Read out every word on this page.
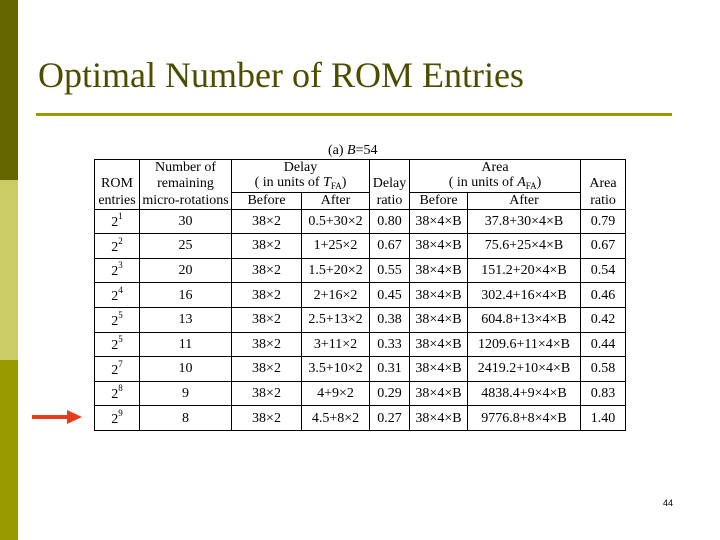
Optimal Number of ROM Entries
(a) B=54
	Number of	Delay			Area		
ROM	remaining	( in units of $T_{FA}$)		Delay	( in units of $A_{FA}$)		Area
entries	micro-rotations	Before	After	ratio	Before	After	ratio
$2^1$	30	38×2	0.5+30×2	0.80	38×4×B	37.8+30×4×B	0.79
$2^2$	25	38×2	1+25×2	0.67	38×4×B	75.6+25×4×B	0.67
$2^3$	20	38×2	1.5+20×2	0.55	38×4×B	151.2+20×4×B	0.54
$2^4$	16	38×2	2+16×2	0.45	38×4×B	302.4+16×4×B	0.46
$2^5$	13	38×2	2.5+13×2	0.38	38×4×B	604.8+13×4×B	0.42
$2^5$	11	38×2	3+11×2	0.33	38×4×B	1209.6+11×4×B	0.44
$2^7$	10	38×2	3.5+10×2	0.31	38×4×B	2419.2+10×4×B	0.58
$2^8$	9	38×2	4+9×2	0.29	38×4×B	4838.4+9×4×B	0.83
$2^9$	8	38×2	4.5+8×2	0.27	38×4×B	9776.8+8×4×B	1.40
44
